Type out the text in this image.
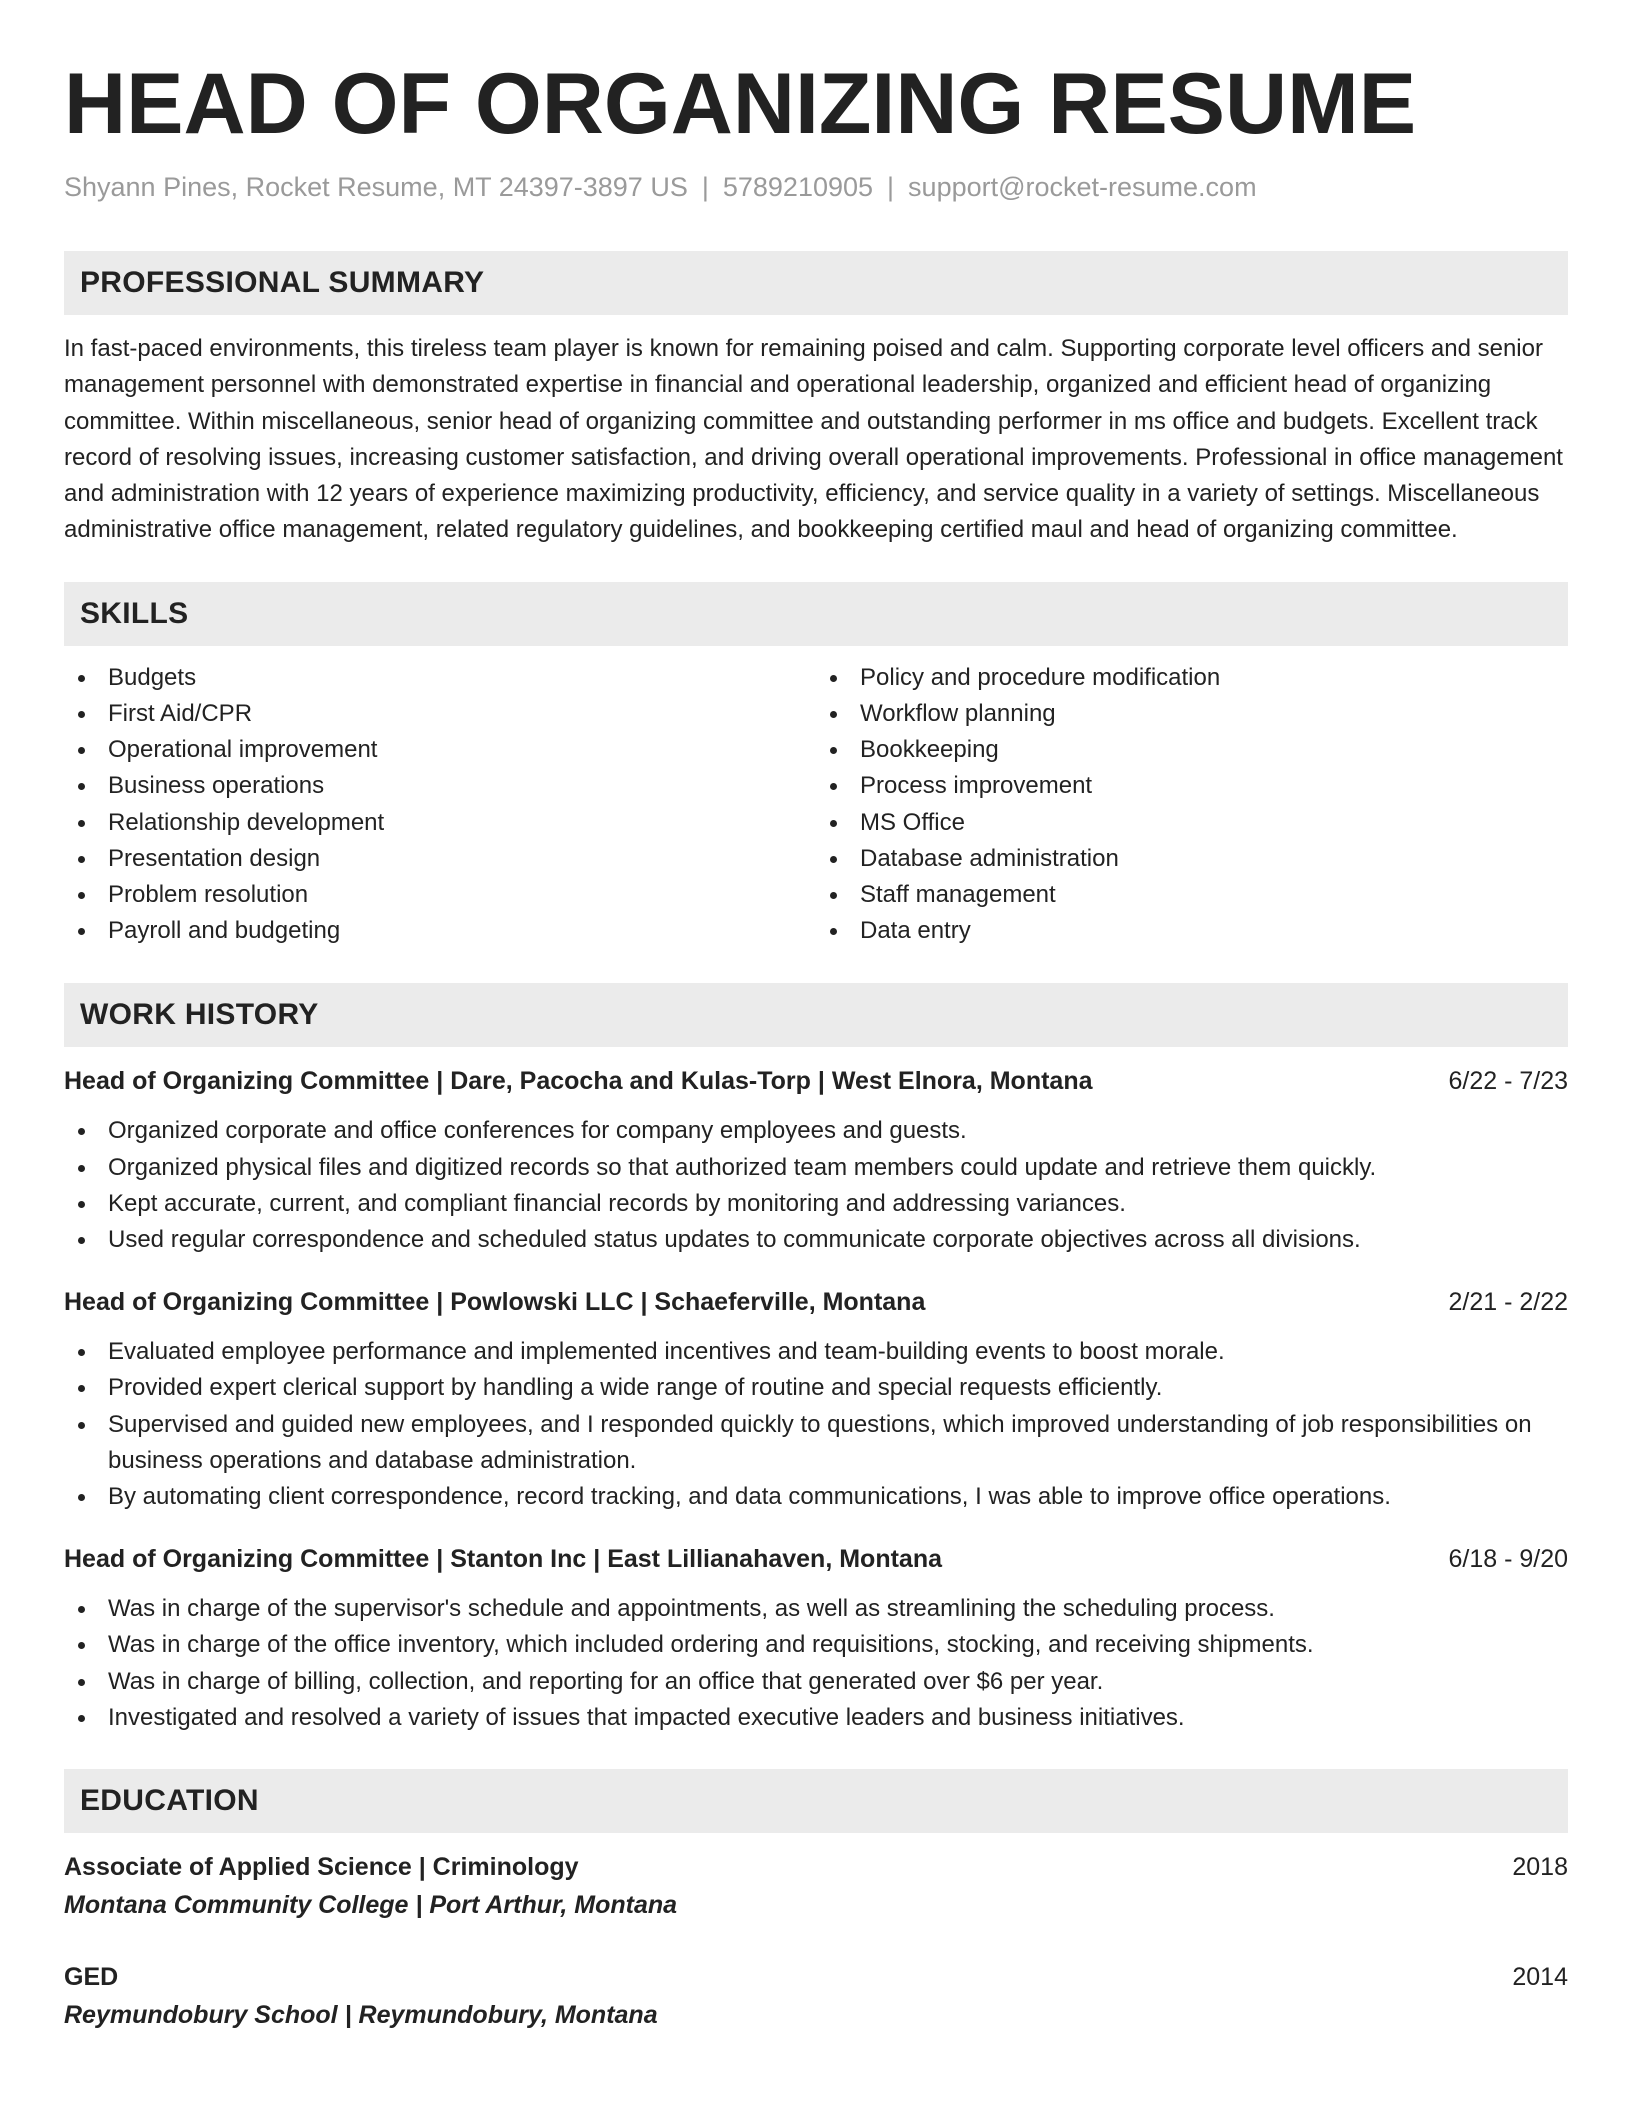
HEAD OF ORGANIZING RESUME
Shyann Pines, Rocket Resume, MT 24397-3897 US | 5789210905 | support@rocket-resume.com
PROFESSIONAL SUMMARY

In fast-paced environments, this tireless team player is known for remaining poised and calm. Supporting corporate level officers and senior management personnel with demonstrated expertise in financial and operational leadership, organized and efficient head of organizing committee. Within miscellaneous, senior head of organizing committee and outstanding performer in ms office and budgets. Excellent track record of resolving issues, increasing customer satisfaction, and driving overall operational improvements. Professional in office management and administration with 12 years of experience maximizing productivity, efficiency, and service quality in a variety of settings. Miscellaneous administrative office management, related regulatory guidelines, and bookkeeping certified maul and head of organizing committee.

SKILLS
Budgets
First Aid/CPR
Operational improvement
Business operations
Relationship development
Presentation design
Problem resolution
Payroll and budgeting
Policy and procedure modification
Workflow planning
Bookkeeping
Process improvement
MS Office
Database administration
Staff management
Data entry
WORK HISTORY
Head of Organizing Committee | Dare, Pacocha and Kulas-Torp | West Elnora, Montana	6/22 - 7/23
Organized corporate and office conferences for company employees and guests.
Organized physical files and digitized records so that authorized team members could update and retrieve them quickly.
Kept accurate, current, and compliant financial records by monitoring and addressing variances.
Used regular correspondence and scheduled status updates to communicate corporate objectives across all divisions.
Head of Organizing Committee | Powlowski LLC | Schaeferville, Montana	2/21 - 2/22
Evaluated employee performance and implemented incentives and team-building events to boost morale.
Provided expert clerical support by handling a wide range of routine and special requests efficiently.
Supervised and guided new employees, and I responded quickly to questions, which improved understanding of job responsibilities on business operations and database administration.
By automating client correspondence, record tracking, and data communications, I was able to improve office operations.
Head of Organizing Committee | Stanton Inc | East Lillianahaven, Montana	6/18 - 9/20
Was in charge of the supervisor's schedule and appointments, as well as streamlining the scheduling process.
Was in charge of the office inventory, which included ordering and requisitions, stocking, and receiving shipments.
Was in charge of billing, collection, and reporting for an office that generated over $6 per year.
Investigated and resolved a variety of issues that impacted executive leaders and business initiatives.
EDUCATION
Associate of Applied Science | Criminology	2018
Montana Community College | Port Arthur, Montana
GED	2014
Reymundobury School | Reymundobury, Montana
